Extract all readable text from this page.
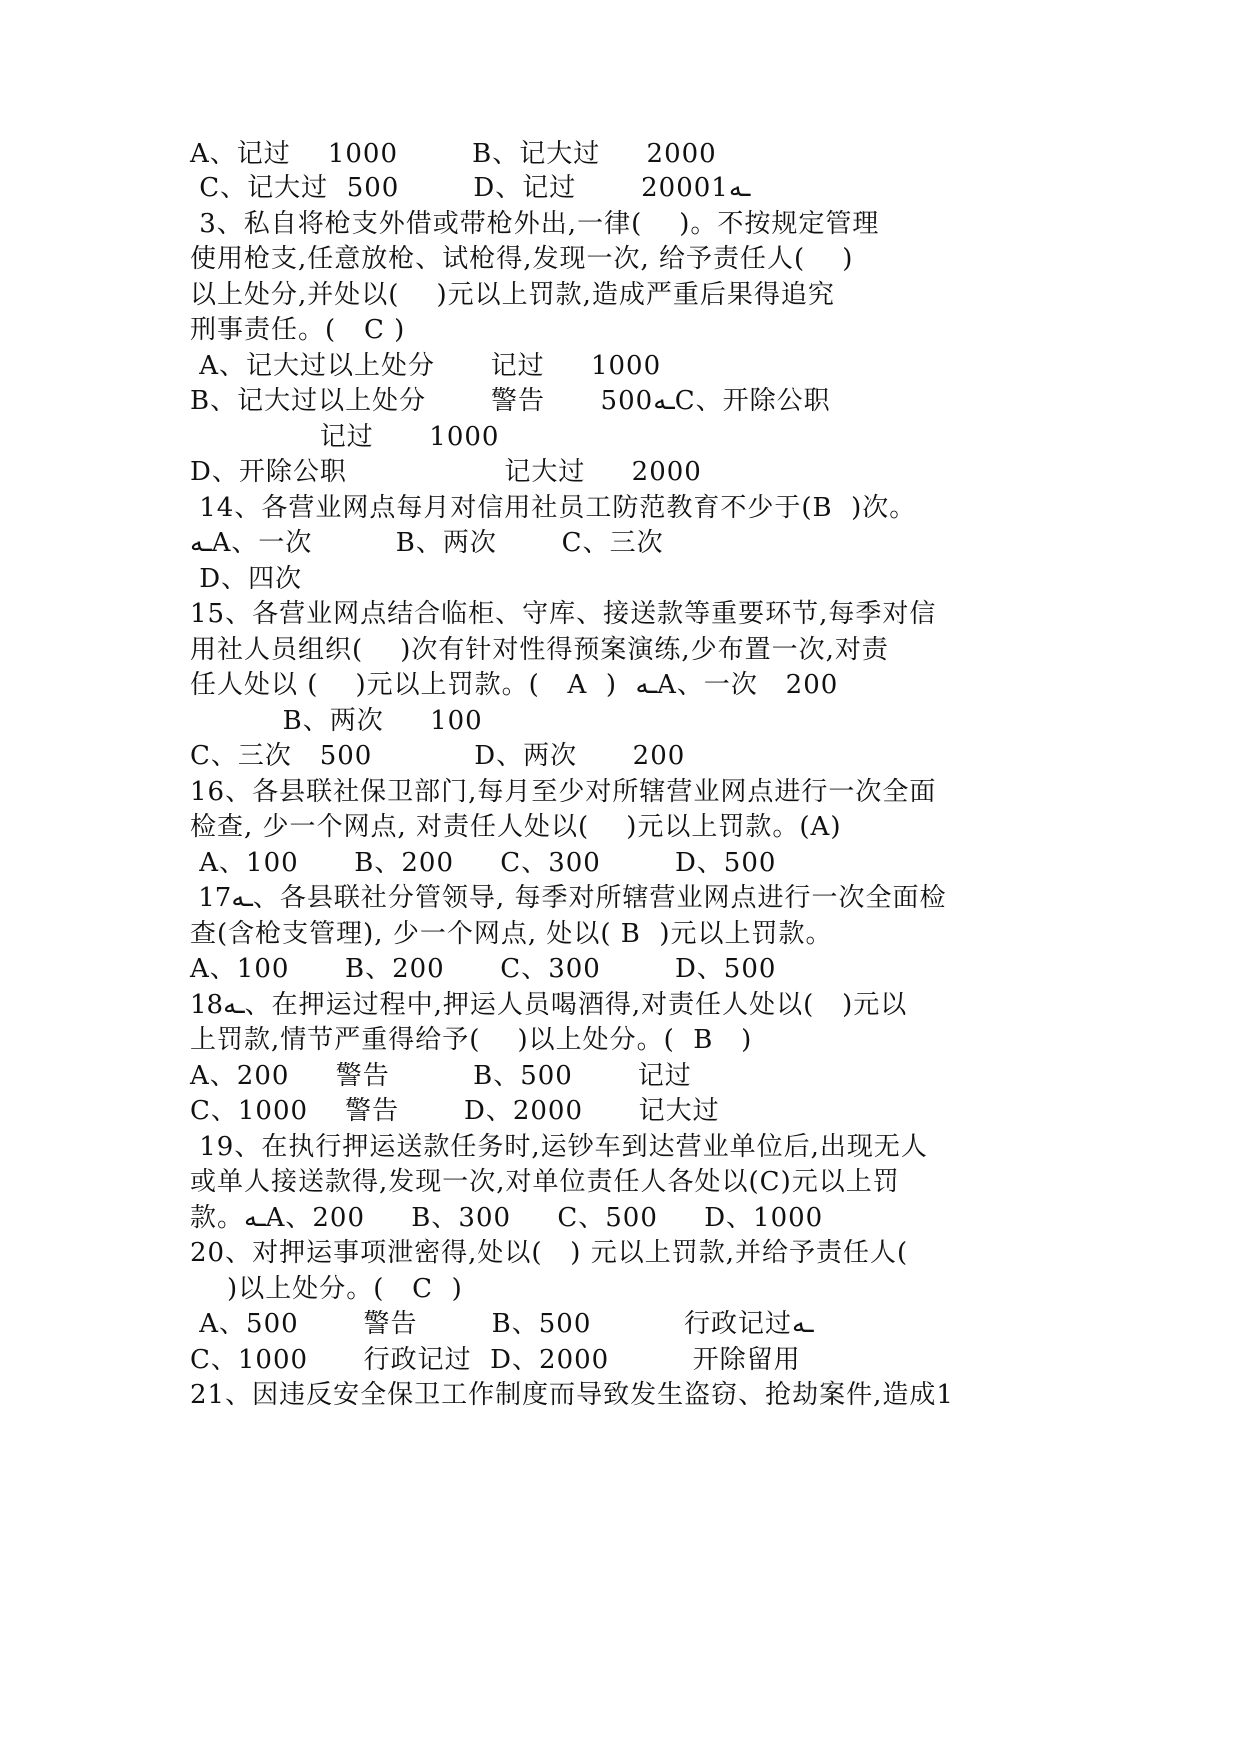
A、记过    1000        B、记大过     2000
C、记大过  500        D、记过       20001ـه
3、私自将枪支外借或带枪外出,一律(    )。不按规定管理
使用枪支,任意放枪、试枪得,发现一次, 给予责任人(    )
以上处分,并处以(    )元以上罚款,造成严重后果得追究
刑事责任。(   C )
A、记大过以上处分      记过     1000
B、记大过以上处分       警告      500ـهC、开除公职
记过      1000
D、开除公职                 记大过     2000
14、各营业网点每月对信用社员工防范教育不少于(B  )次。
ـهA、一次         B、两次       C、三次
D、四次
15、各营业网点结合临柜、守库、接送款等重要环节,每季对信
用社人员组织(    )次有针对性得预案演练,少布置一次,对责
任人处以 (    )元以上罚款。(   A  )  ـهA、一次   200
B、两次     100
C、三次   500           D、两次      200
16、各县联社保卫部门,每月至少对所辖营业网点进行一次全面
检查, 少一个网点, 对责任人处以(    )元以上罚款。(A)
A、100      B、200     C、300        D、500
17ـه、各县联社分管领导, 每季对所辖营业网点进行一次全面检
查(含枪支管理), 少一个网点, 处以( B  )元以上罚款。
A、100      B、200      C、300        D、500
18ـه、在押运过程中,押运人员喝酒得,对责任人处以(   )元以
上罚款,情节严重得给予(    )以上处分。(  B   )
A、200     警告         B、500       记过
C、1000    警告       D、2000      记大过
19、在执行押运送款任务时,运钞车到达营业单位后,出现无人
或单人接送款得,发现一次,对单位责任人各处以(C)元以上罚
款。ـهA、200     B、300     C、500     D、1000
20、对押运事项泄密得,处以(   ) 元以上罚款,并给予责任人(
)以上处分。(   C  )
A、500       警告        B、500          行政记过ـه
C、1000      行政记过  D、2000         开除留用
21、因违反安全保卫工作制度而导致发生盗窃、抢劫案件,造成1
